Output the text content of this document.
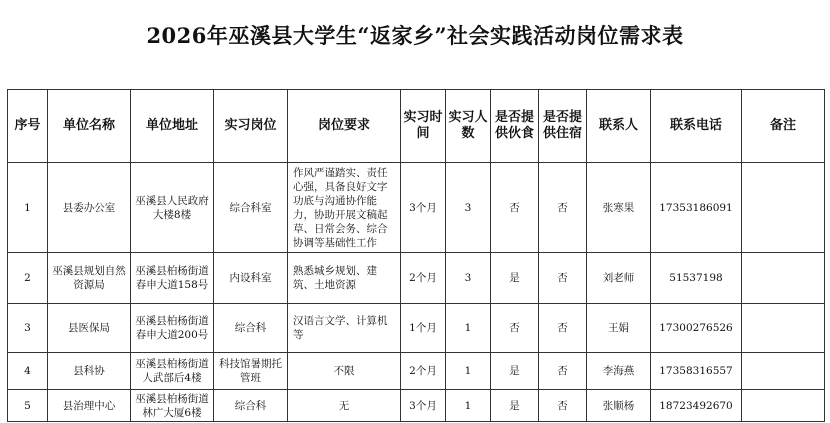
2026年巫溪县大学生“返家乡”社会实践活动岗位需求表
序号	单位名称	单位地址	实习岗位	岗位要求	实习时间	实习人数	是否提供伙食	是否提供住宿	联系人	联系电话	备注
1	县委办公室	巫溪县人民政府大楼8楼	综合科室	作风严谨踏实、责任心强，具备良好文字功底与沟通协作能力，协助开展文稿起草、日常会务、综合协调等基础性工作	3个月	3	否	否	张寒果	17353186091	
2	巫溪县规划自然资源局	巫溪县柏杨街道春申大道158号	内设科室	熟悉城乡规划、建筑、土地资源	2个月	3	是	否	刘老师	51537198	
3	县医保局	巫溪县柏杨街道春申大道200号	综合科	汉语言文学、计算机等	1个月	1	否	否	王娟	17300276526	
4	县科协	巫溪县柏杨街道人武部后4楼	科技馆暑期托管班	不限	2个月	1	是	否	李海燕	17358316557	
5	县治理中心	巫溪县柏杨街道林广大厦6楼	综合科	无	3个月	1	是	否	张顺杨	18723492670	
